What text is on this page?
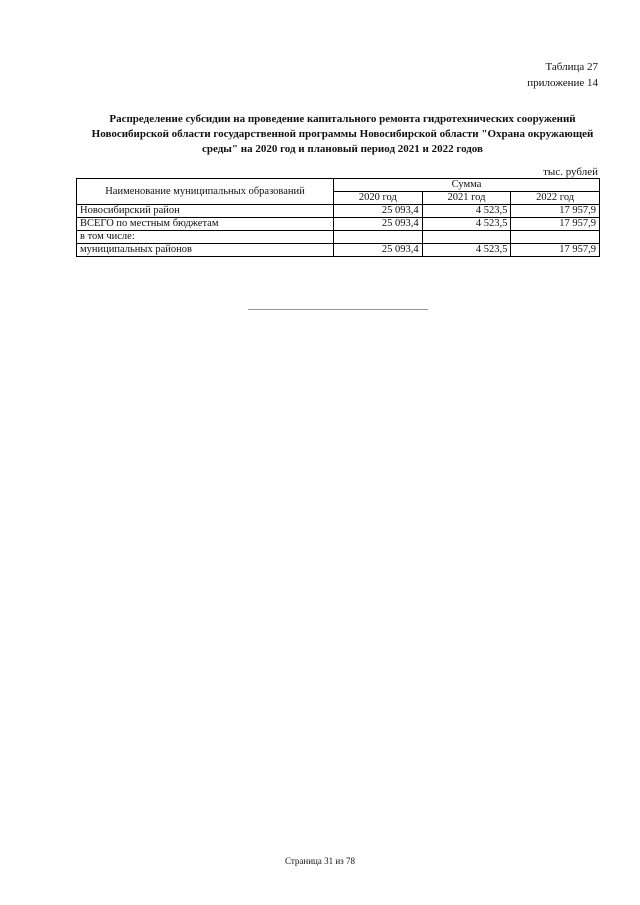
Таблица 27
приложение 14
Распределение субсидии на проведение капитального ремонта гидротехнических сооружений Новосибирской области государственной программы Новосибирской области "Охрана окружающей среды" на 2020 год и плановый период 2021 и 2022 годов
тыс. рублей
Наименование муниципальных образований	Сумма		
	2020 год	2021 год	2022 год
Новосибирский район	25 093,4	4 523,5	17 957,9
ВСЕГО по местным бюджетам	25 093,4	4 523,5	17 957,9
в том числе:			
муниципальных районов	25 093,4	4 523,5	17 957,9
Страница 31 из 78
